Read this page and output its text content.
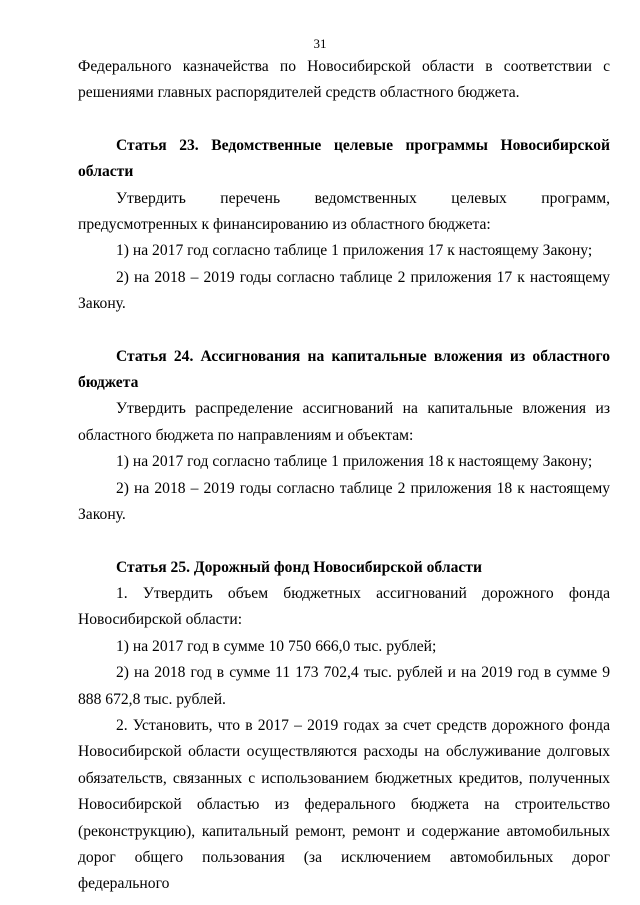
31

Федерального казначейства по Новосибирской области в соответствии с решениями главных распорядителей средств областного бюджета.

Статья 23. Ведомственные целевые программы Новосибирской области

Утвердить перечень ведомственных целевых программ, предусмотренных к финансированию из областного бюджета:

1) на 2017 год согласно таблице 1 приложения 17 к настоящему Закону;

2) на 2018 – 2019 годы согласно таблице 2 приложения 17 к настоящему Закону.

Статья 24. Ассигнования на капитальные вложения из областного бюджета

Утвердить распределение ассигнований на капитальные вложения из областного бюджета по направлениям и объектам:

1) на 2017 год согласно таблице 1 приложения 18 к настоящему Закону;

2) на 2018 – 2019 годы согласно таблице 2 приложения 18 к настоящему Закону.

Статья 25. Дорожный фонд Новосибирской области

1. Утвердить объем бюджетных ассигнований дорожного фонда Новосибирской области:

1) на 2017 год в сумме 10 750 666,0 тыс. рублей;

2) на 2018 год в сумме 11 173 702,4 тыс. рублей и на 2019 год в сумме 9 888 672,8 тыс. рублей.

2. Установить, что в 2017 – 2019 годах за счет средств дорожного фонда Новосибирской области осуществляются расходы на обслуживание долговых обязательств, связанных с использованием бюджетных кредитов, полученных Новосибирской областью из федерального бюджета на строительство (реконструкцию), капитальный ремонт, ремонт и содержание автомобильных дорог общего пользования (за исключением автомобильных дорог федерального
